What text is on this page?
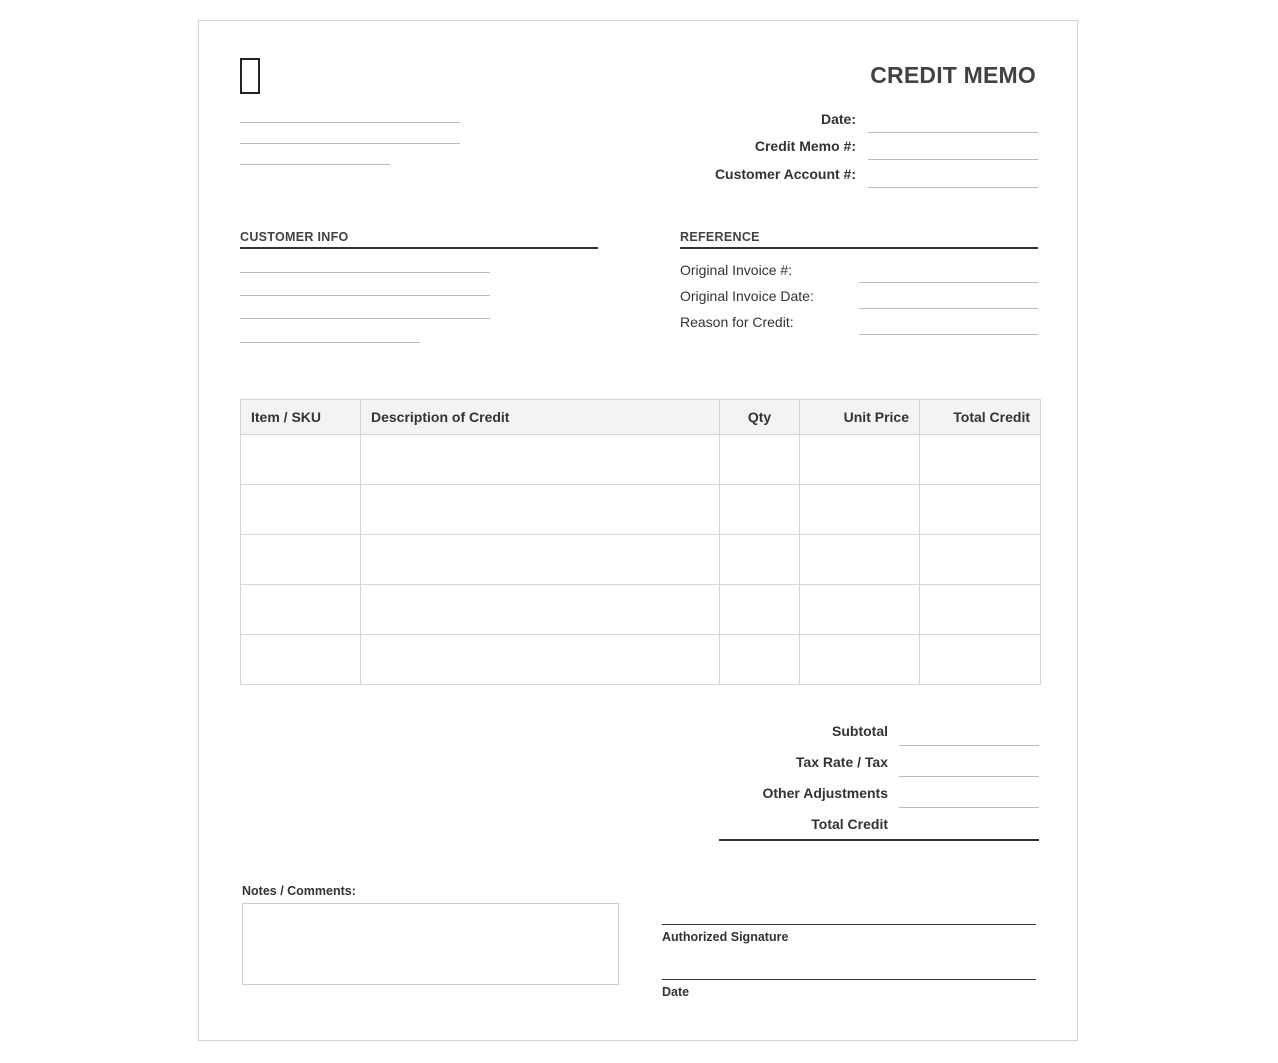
CREDIT MEMO
Date:
Credit Memo #:
Customer Account #:
CUSTOMER INFO	REFERENCE
Original Invoice #:
Original Invoice Date:
Reason for Credit:
Item / SKU	Description of Credit	Qty	Unit Price	Total Credit

Subtotal
Tax Rate / Tax
Other Adjustments
Total Credit
Notes / Comments:
Authorized Signature
Date
